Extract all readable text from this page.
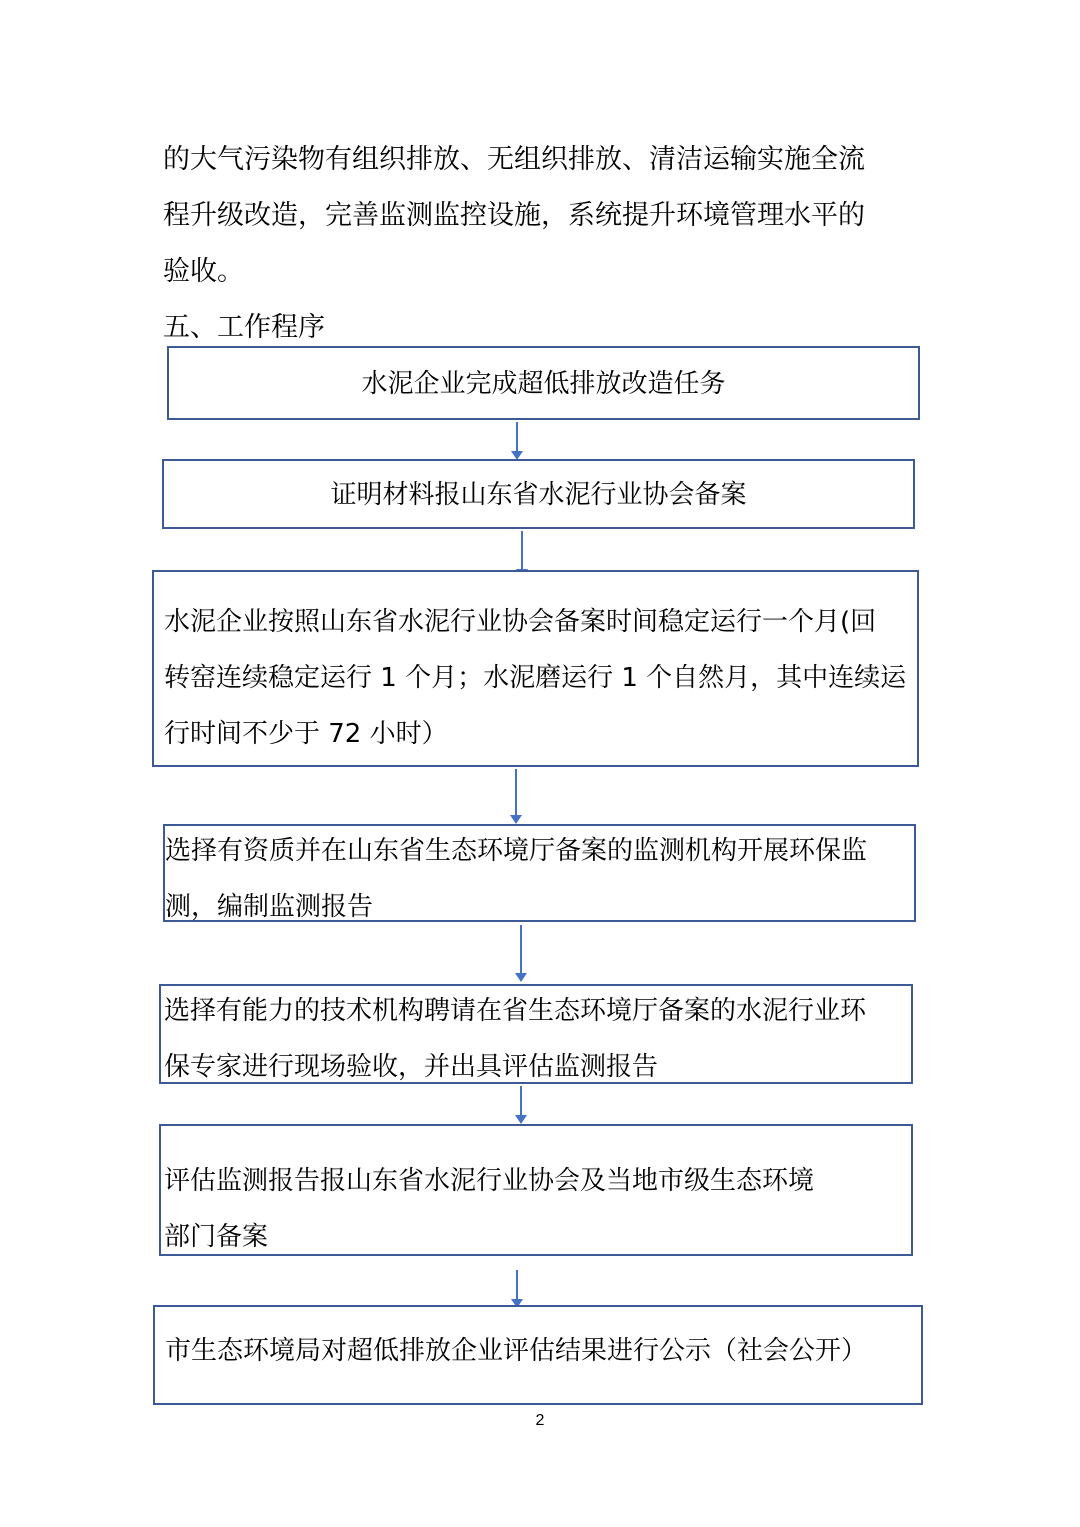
的大气污染物有组织排放、无组织排放、清洁运输实施全流
程升级改造，完善监测监控设施，系统提升环境管理水平的
验收。
五、工作程序
水泥企业完成超低排放改造任务
证明材料报山东省水泥行业协会备案
水泥企业按照山东省水泥行业协会备案时间稳定运行一个月(回
转窑连续稳定运行 1 个月；水泥磨运行 1 个自然月，其中连续运
行时间不少于 72 小时）
选择有资质并在山东省生态环境厅备案的监测机构开展环保监
测，编制监测报告
选择有能力的技术机构聘请在省生态环境厅备案的水泥行业环
保专家进行现场验收，并出具评估监测报告
评估监测报告报山东省水泥行业协会及当地市级生态环境
部门备案
市生态环境局对超低排放企业评估结果进行公示（社会公开）
2
